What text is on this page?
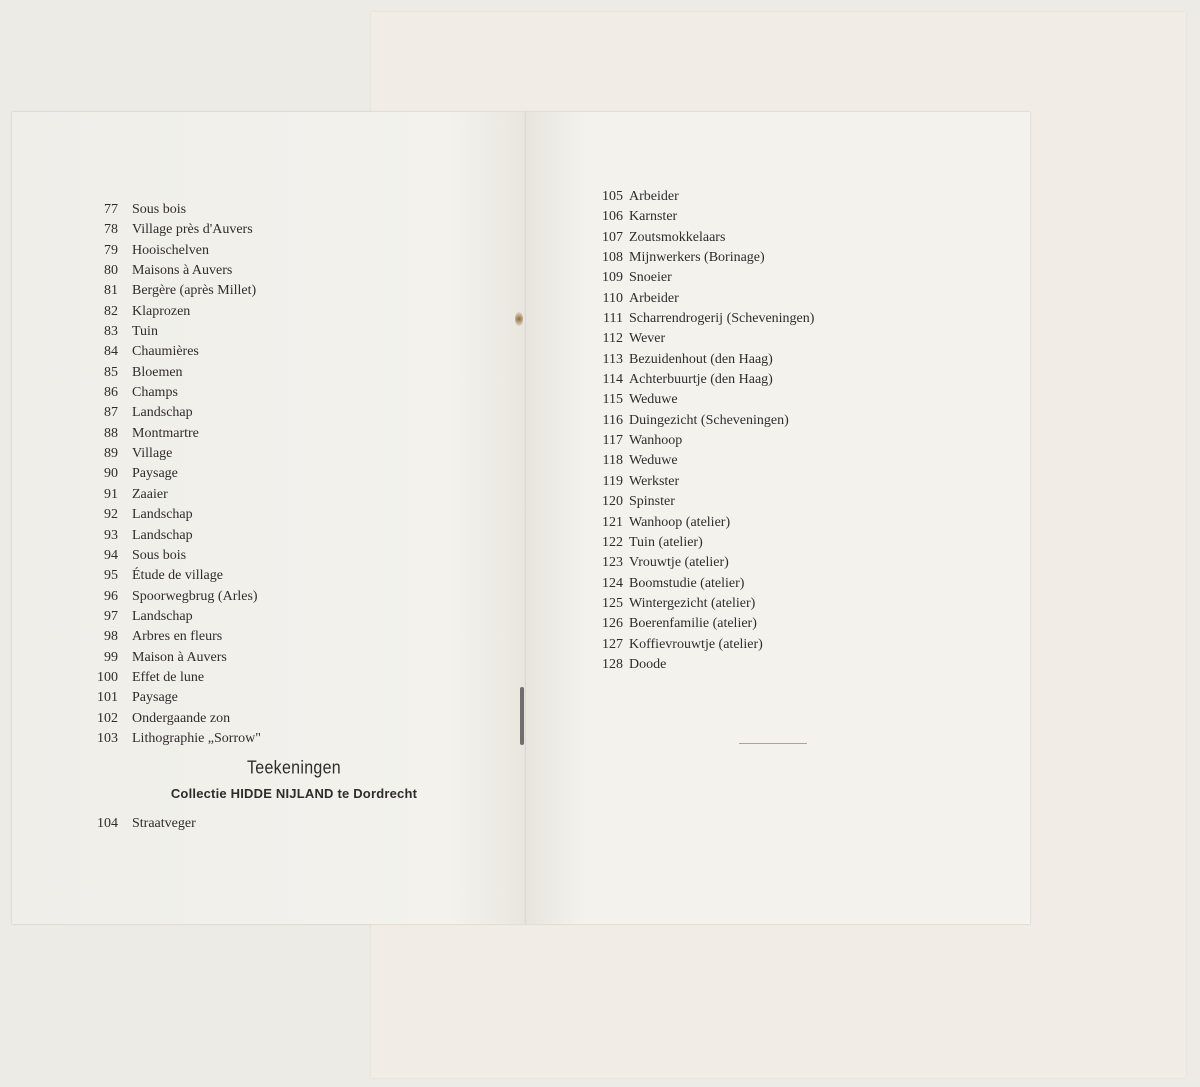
77 Sous bois
78 Village près d'Auvers
79 Hooischelven
80 Maisons à Auvers
81 Bergère (après Millet)
82 Klaprozen
83 Tuin
84 Chaumières
85 Bloemen
86 Champs
87 Landschap
88 Montmartre
89 Village
90 Paysage
91 Zaaier
92 Landschap
93 Landschap
94 Sous bois
95 Étude de village
96 Spoorwegbrug (Arles)
97 Landschap
98 Arbres en fleurs
99 Maison à Auvers
100 Effet de lune
101 Paysage
102 Ondergaande zon
103 Lithographie „Sorrow"
Teekeningen
Collectie HIDDE NIJLAND te Dordrecht
104 Straatveger
105 Arbeider
106 Karnster
107 Zoutsmokkelaars
108 Mijnwerkers (Borinage)
109 Snoeier
110 Arbeider
111 Scharrendrogerij (Scheveningen)
112 Wever
113 Bezuidenhout (den Haag)
114 Achterbuurtje (den Haag)
115 Weduwe
116 Duingezicht (Scheveningen)
117 Wanhoop
118 Weduwe
119 Werkster
120 Spinster
121 Wanhoop (atelier)
122 Tuin (atelier)
123 Vrouwtje (atelier)
124 Boomstudie (atelier)
125 Wintergezicht (atelier)
126 Boerenfamilie (atelier)
127 Koffievrouwtje (atelier)
128 Doode
